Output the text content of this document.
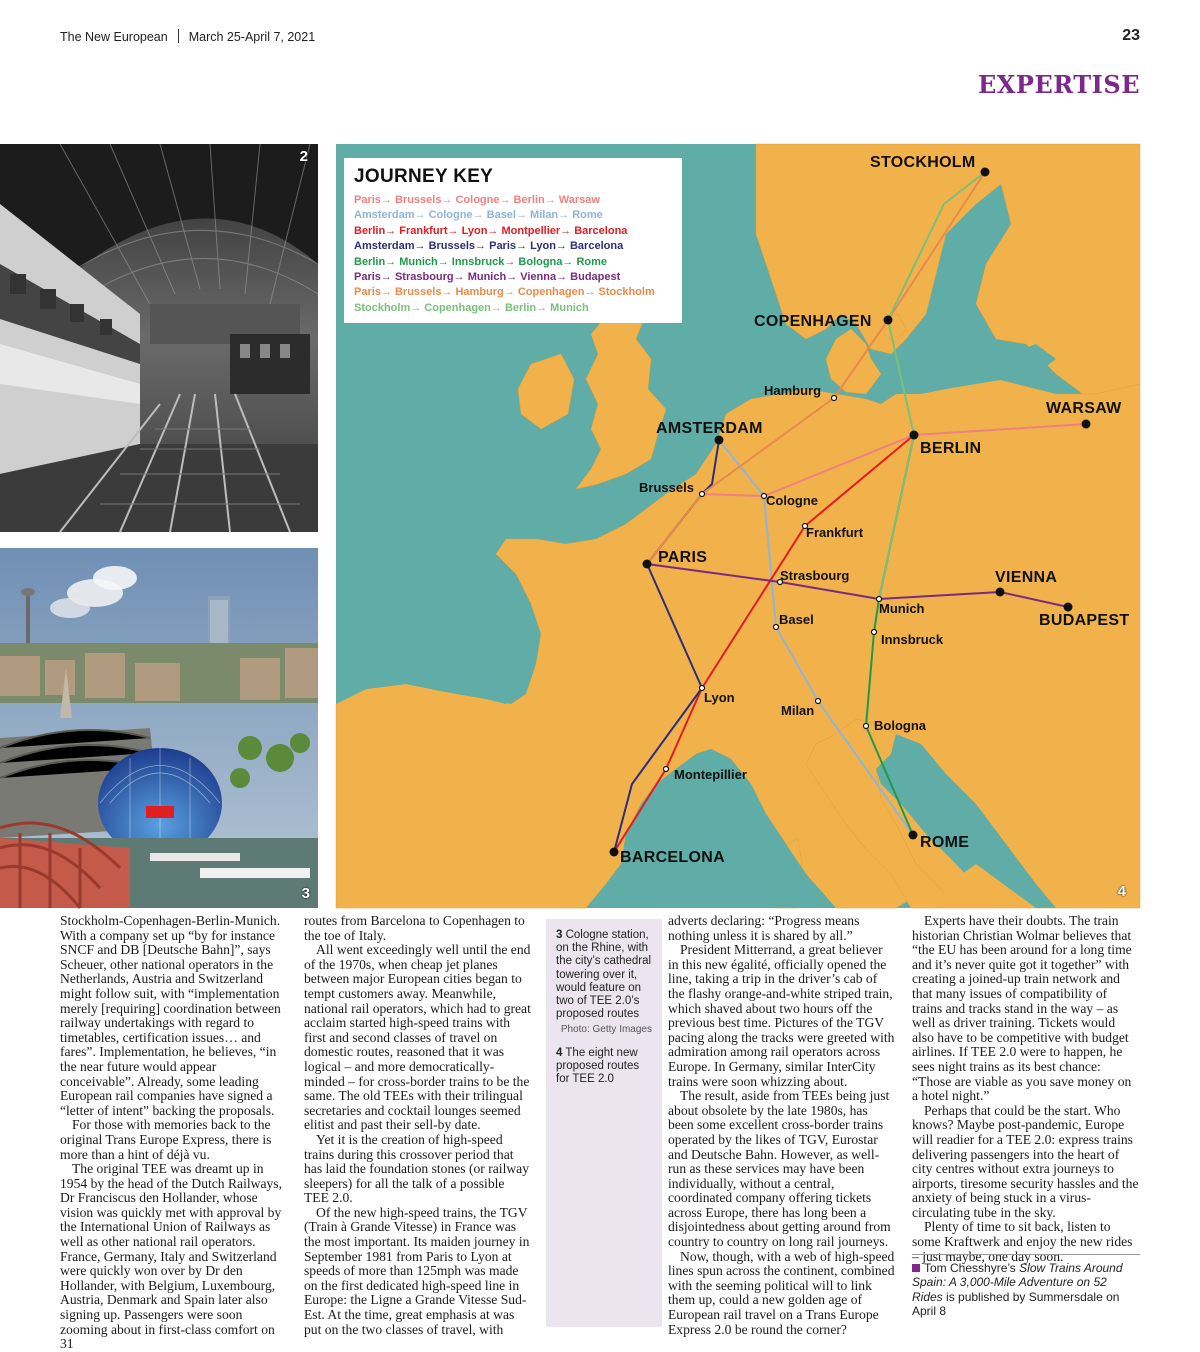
The New European March 25-April 7, 2021	23
EXPERTISE
2
3
JOURNEY KEY
Paris→ Brussels→ Cologne→ Berlin→ Warsaw
Amsterdam→ Cologne→ Basel→ Milan→ Rome
Berlin→ Frankfurt→ Lyon→ Montpellier→ Barcelona
Amsterdam→ Brussels→ Paris→ Lyon→ Barcelona
Berlin→ Munich→ Innsbruck→ Bologna→ Rome
Paris→ Strasbourg→ Munich→ Vienna→ Budapest
Paris→ Brussels→ Hamburg→ Copenhagen→ Stockholm
Stockholm→ Copenhagen→ Berlin→ Munich
STOCKHOLM
COPENHAGEN
Hamburg
WARSAW
AMSTERDAM
BERLIN
Brussels
Cologne
Frankfurt
PARIS
Strasbourg	VIENNA
Munich
BUDAPEST
Basel
Innsbruck
Lyon
Milan
Bologna
Montepillier
ROME
BARCELONA
4

Stockholm-Copenhagen-Berlin-Munich. With a company set up “by for instance SNCF and DB [Deutsche Bahn]”, says Scheuer, other national operators in the Netherlands, Austria and Switzerland might follow suit, with “implementation merely [requiring] coordination between railway undertakings with regard to timetables, certification issues… and fares”. Implementation, he believes, “in the near future would appear conceivable”. Already, some leading European rail companies have signed a “letter of intent” backing the proposals.

For those with memories back to the original Trans Europe Express, there is more than a hint of déjà vu.

The original TEE was dreamt up in 1954 by the head of the Dutch Railways, Dr Franciscus den Hollander, whose vision was quickly met with approval by the International Union of Railways as well as other national rail operators. France, Germany, Italy and Switzerland were quickly won over by Dr den Hollander, with Belgium, Luxembourg, Austria, Denmark and Spain later also signing up. Passengers were soon zooming about in first-class comfort on 31

routes from Barcelona to Copenhagen to the toe of Italy.

All went exceedingly well until the end of the 1970s, when cheap jet planes between major European cities began to tempt customers away. Meanwhile, national rail operators, which had to great acclaim started high-speed trains with first and second classes of travel on domestic routes, reasoned that it was logical – and more democratically-minded – for cross-border trains to be the same. The old TEEs with their trilingual secretaries and cocktail lounges seemed elitist and past their sell-by date.

Yet it is the creation of high-speed trains during this crossover period that has laid the foundation stones (or railway sleepers) for all the talk of a possible TEE 2.0.

Of the new high-speed trains, the TGV (Train à Grande Vitesse) in France was the most important. Its maiden journey in September 1981 from Paris to Lyon at speeds of more than 125mph was made on the first dedicated high-speed line in Europe: the Ligne a Grande Vitesse Sud-Est. At the time, great emphasis at was put on the two classes of travel, with

3 Cologne station, on the Rhine, with the city’s cathedral towering over it, would feature on two of TEE 2.0’s proposed routes
Photo: Getty Images
4 The eight new proposed routes for TEE 2.0

adverts declaring: “Progress means nothing unless it is shared by all.”

President Mitterrand, a great believer in this new égalité, officially opened the line, taking a trip in the driver’s cab of the flashy orange-and-white striped train, which shaved about two hours off the previous best time. Pictures of the TGV pacing along the tracks were greeted with admiration among rail operators across Europe. In Germany, similar InterCity trains were soon whizzing about.

The result, aside from TEEs being just about obsolete by the late 1980s, has been some excellent cross-border trains operated by the likes of TGV, Eurostar and Deutsche Bahn. However, as well-run as these services may have been individually, without a central, coordinated company offering tickets across Europe, there has long been a disjointedness about getting around from country to country on long rail journeys.

Now, though, with a web of high-speed lines spun across the continent, combined with the seeming political will to link them up, could a new golden age of European rail travel on a Trans Europe Express 2.0 be round the corner?

Experts have their doubts. The train historian Christian Wolmar believes that “the EU has been around for a long time and it’s never quite got it together” with creating a joined-up train network and that many issues of compatibility of trains and tracks stand in the way – as well as driver training. Tickets would also have to be competitive with budget airlines. If TEE 2.0 were to happen, he sees night trains as its best chance: “Those are viable as you save money on a hotel night.”

Perhaps that could be the start. Who knows? Maybe post-pandemic, Europe will readier for a TEE 2.0: express trains delivering passengers into the heart of city centres without extra journeys to airports, tiresome security hassles and the anxiety of being stuck in a virus-circulating tube in the sky.

Plenty of time to sit back, listen to some Kraftwerk and enjoy the new rides – just maybe, one day soon.

Tom Chesshyre’s Slow Trains Around Spain: A 3,000-Mile Adventure on 52 Rides is published by Summersdale on April 8
